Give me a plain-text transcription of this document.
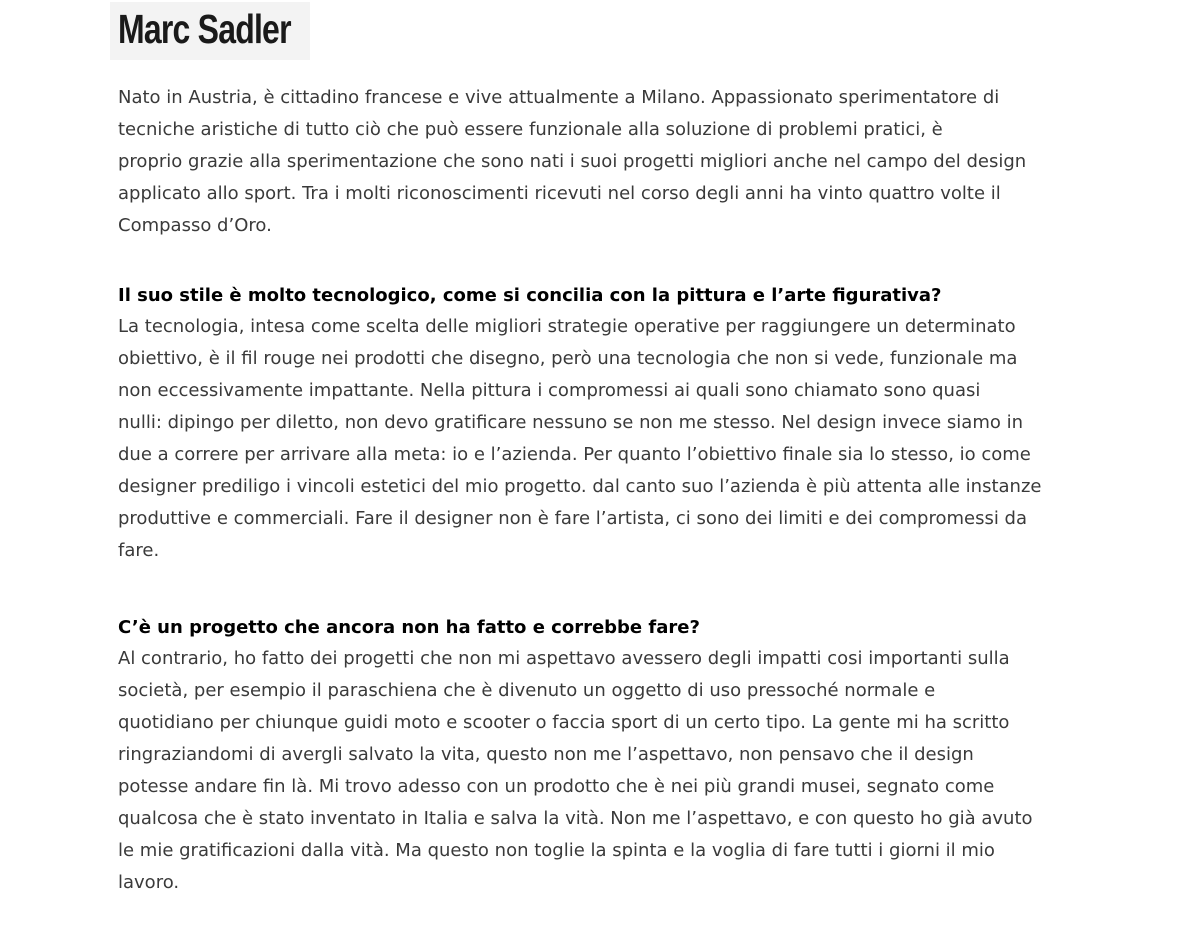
Marc Sadler

Nato in Austria, è cittadino francese e vive attualmente a Milano. Appassionato sperimentatore di
tecniche aristiche di tutto ciò che può essere funzionale alla soluzione di problemi pratici, è
proprio grazie alla sperimentazione che sono nati i suoi progetti migliori anche nel campo del design
applicato allo sport. Tra i molti riconoscimenti ricevuti nel corso degli anni ha vinto quattro volte il
Compasso d’Oro.

Il suo stile è molto tecnologico, come si concilia con la pittura e l’arte figurativa?

La tecnologia, intesa come scelta delle migliori strategie operative per raggiungere un determinato
obiettivo, è il fil rouge nei prodotti che disegno, però una tecnologia che non si vede, funzionale ma
non eccessivamente impattante. Nella pittura i compromessi ai quali sono chiamato sono quasi
nulli: dipingo per diletto, non devo gratificare nessuno se non me stesso. Nel design invece siamo in
due a correre per arrivare alla meta: io e l’azienda. Per quanto l’obiettivo finale sia lo stesso, io come
designer prediligo i vincoli estetici del mio progetto. dal canto suo l’azienda è più attenta alle instanze
produttive e commerciali. Fare il designer non è fare l’artista, ci sono dei limiti e dei compromessi da
fare.

C’è un progetto che ancora non ha fatto e correbbe fare?

Al contrario, ho fatto dei progetti che non mi aspettavo avessero degli impatti cosi importanti sulla
società, per esempio il paraschiena che è divenuto un oggetto di uso pressoché normale e
quotidiano per chiunque guidi moto e scooter o faccia sport di un certo tipo. La gente mi ha scritto
ringraziandomi di avergli salvato la vita, questo non me l’aspettavo, non pensavo che il design
potesse andare fin là. Mi trovo adesso con un prodotto che è nei più grandi musei, segnato come
qualcosa che è stato inventato in Italia e salva la vità. Non me l’aspettavo, e con questo ho già avuto
le mie gratificazioni dalla vità. Ma questo non toglie la spinta e la voglia di fare tutti i giorni il mio
lavoro.
